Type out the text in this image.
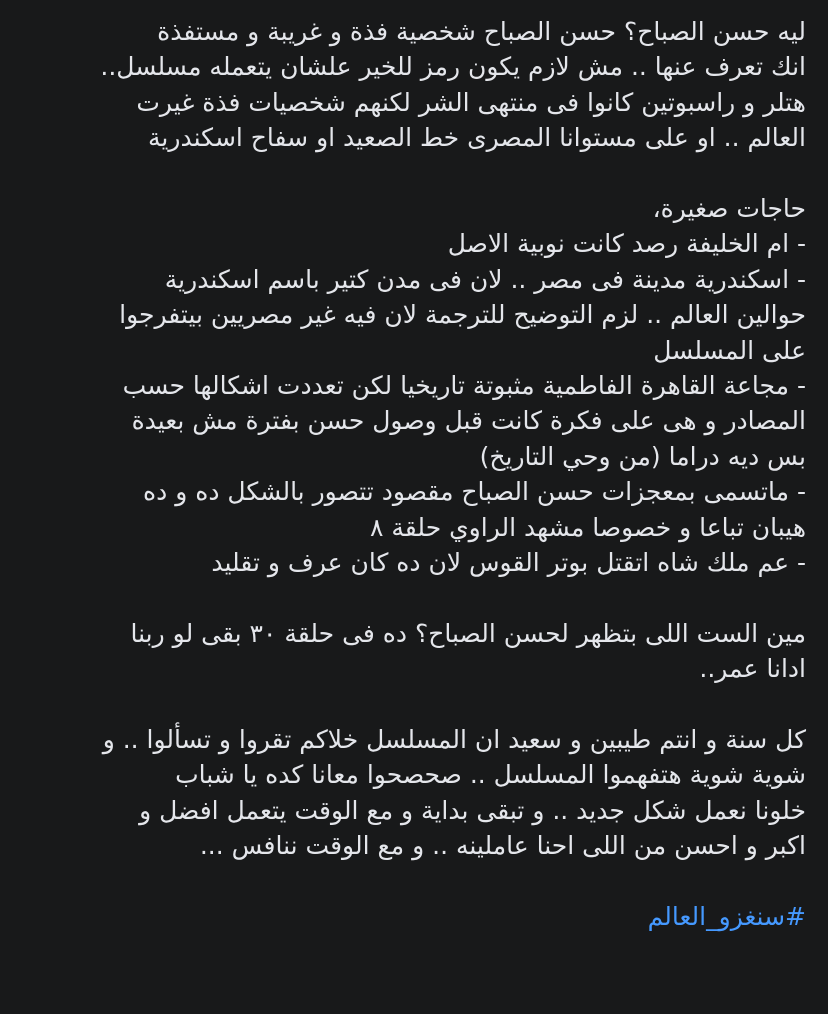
ليه حسن الصباح؟ حسن الصباح شخصية فذة و غريبة و مستفذة
انك تعرف عنها .. مش لازم يكون رمز للخير علشان يتعمله مسلسل..
هتلر و راسبوتين كانوا فى منتهى الشر لكنهم شخصيات فذة غيرت
العالم .. او على مستوانا المصرى خط الصعيد او سفاح اسكندرية

حاجات صغيرة،
- ام الخليفة رصد كانت نوبية الاصل
- اسكندرية مدينة فى مصر .. لان فى مدن كتير باسم اسكندرية
حوالين العالم .. لزم التوضيح للترجمة لان فيه غير مصريين بيتفرجوا
على المسلسل
- مجاعة القاهرة الفاطمية مثبوتة تاريخيا لكن تعددت اشكالها حسب
المصادر و هى على فكرة كانت قبل وصول حسن بفترة مش بعيدة
بس ديه دراما (من وحي التاريخ)
- ماتسمى بمعجزات حسن الصباح مقصود تتصور بالشكل ده و ده
هيبان تباعا و خصوصا مشهد الراوي حلقة ٨
- عم ملك شاه اتقتل بوتر القوس لان ده كان عرف و تقليد

مين الست اللى بتظهر لحسن الصباح؟ ده فى حلقة ٣٠ بقى لو ربنا
ادانا عمر..

كل سنة و انتم طيبين و سعيد ان المسلسل خلاكم تقروا و تسألوا .. و
شوية شوية هتفهموا المسلسل .. صحصحوا معانا كده يا شباب
خلونا نعمل شكل جديد .. و تبقى بداية و مع الوقت يتعمل افضل و
اكبر و احسن من اللى احنا عاملينه .. و مع الوقت ننافس ...

#سنغزو_العالم
